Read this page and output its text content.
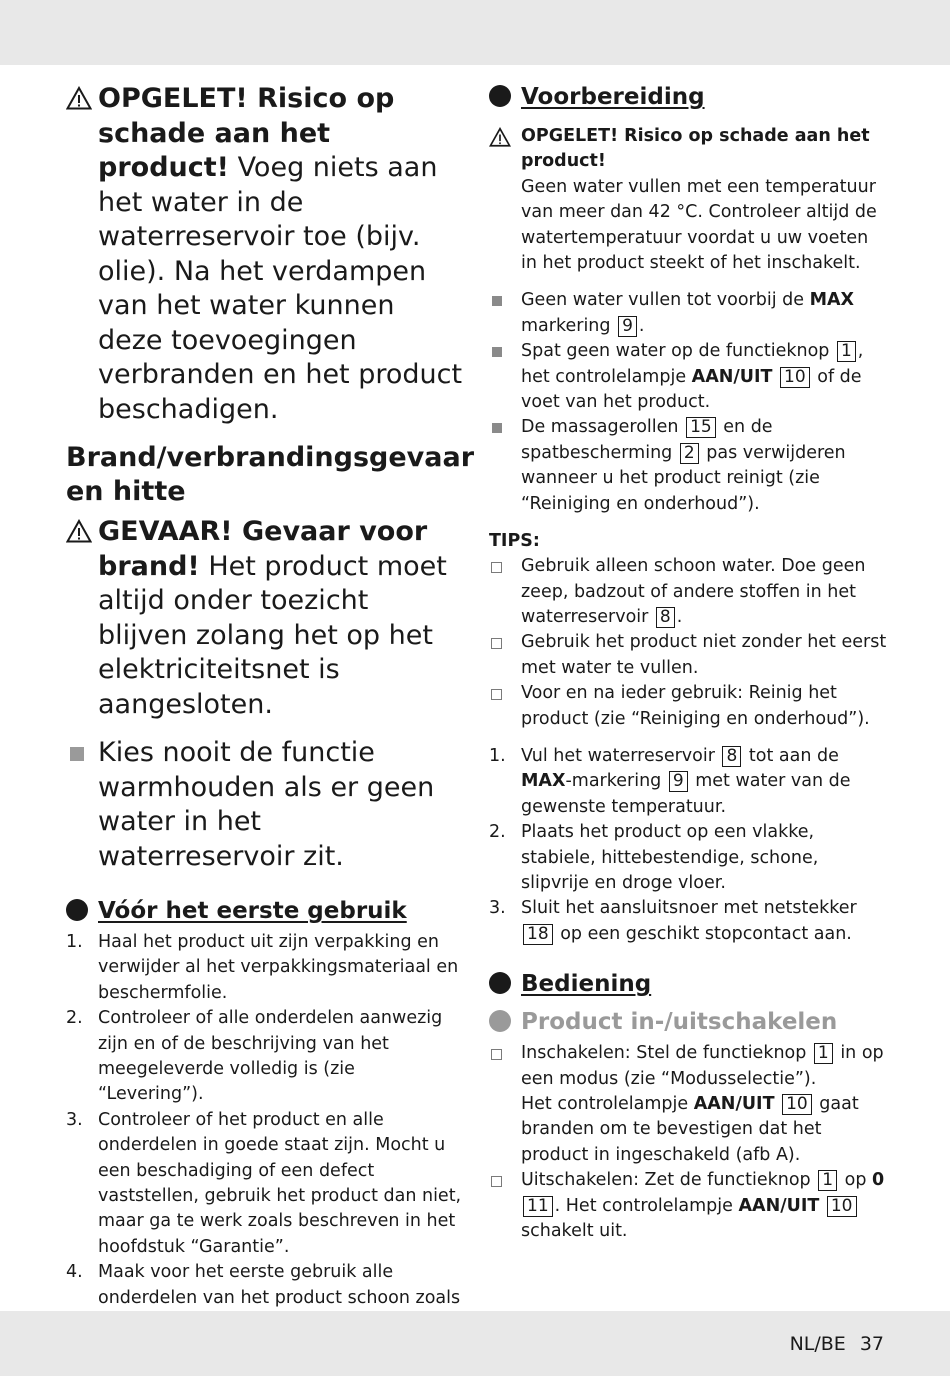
OPGELET! Risico op schade aan het product! Voeg niets aan het water in de waterreservoir toe (bijv. olie). Na het verdampen van het water kunnen deze toevoegingen verbranden en het product beschadigen.
Brand/verbrandingsgevaar en hitte
GEVAAR! Gevaar voor brand! Het product moet altijd onder toezicht blijven zolang het op het elektriciteitsnet is aangesloten.
Kies nooit de functie warmhouden als er geen water in het waterreservoir zit.
Vóór het eerste gebruik
1. Haal het product uit zijn verpakking en verwijder al het verpakkingsmateriaal en beschermfolie.
2. Controleer of alle onderdelen aanwezig zijn en of de beschrijving van het meegeleverde volledig is (zie “Levering”).
3. Controleer of het product en alle onderdelen in goede staat zijn. Mocht u een beschadiging of een defect vaststellen, gebruik het product dan niet, maar ga te werk zoals beschreven in het hoofdstuk “Garantie”.
4. Maak voor het eerste gebruik alle onderdelen van het product schoon zoals
Voorbereiding
OPGELET! Risico op schade aan het product!
Geen water vullen met een temperatuur van meer dan 42 °C. Controleer altijd de watertemperatuur voordat u uw voeten in het product steekt of het inschakelt.
Geen water vullen tot voorbij de MAX markering 9 .
Spat geen water op de functieknop 1 , het controlelampje AAN/UIT 10 of de voet van het product.
De massagerollen 15 en de spatbescherming 2 pas verwijderen wanneer u het product reinigt (zie “Reiniging en onderhoud”).
TIPS:
Gebruik alleen schoon water. Doe geen zeep, badzout of andere stoffen in het waterreservoir 8 .
Gebruik het product niet zonder het eerst met water te vullen.
Voor en na ieder gebruik: Reinig het product (zie “Reiniging en onderhoud”).
1. Vul het waterreservoir 8 tot aan de MAX-markering 9 met water van de gewenste temperatuur.
2. Plaats het product op een vlakke, stabiele, hittebestendige, schone, slipvrije en droge vloer.
3. Sluit het aansluitsnoer met netstekker 18 op een geschikt stopcontact aan.
Bediening
Product in-/uitschakelen
Inschakelen: Stel de functieknop 1 in op een modus (zie “Modusselectie”).
Het controlelampje AAN/UIT 10 gaat branden om te bevestigen dat het product in ingeschakeld (afb A).
Uitschakelen: Zet de functieknop 1 op 0 11 . Het controlelampje AAN/UIT 10 schakelt uit.
NL/BE 37
